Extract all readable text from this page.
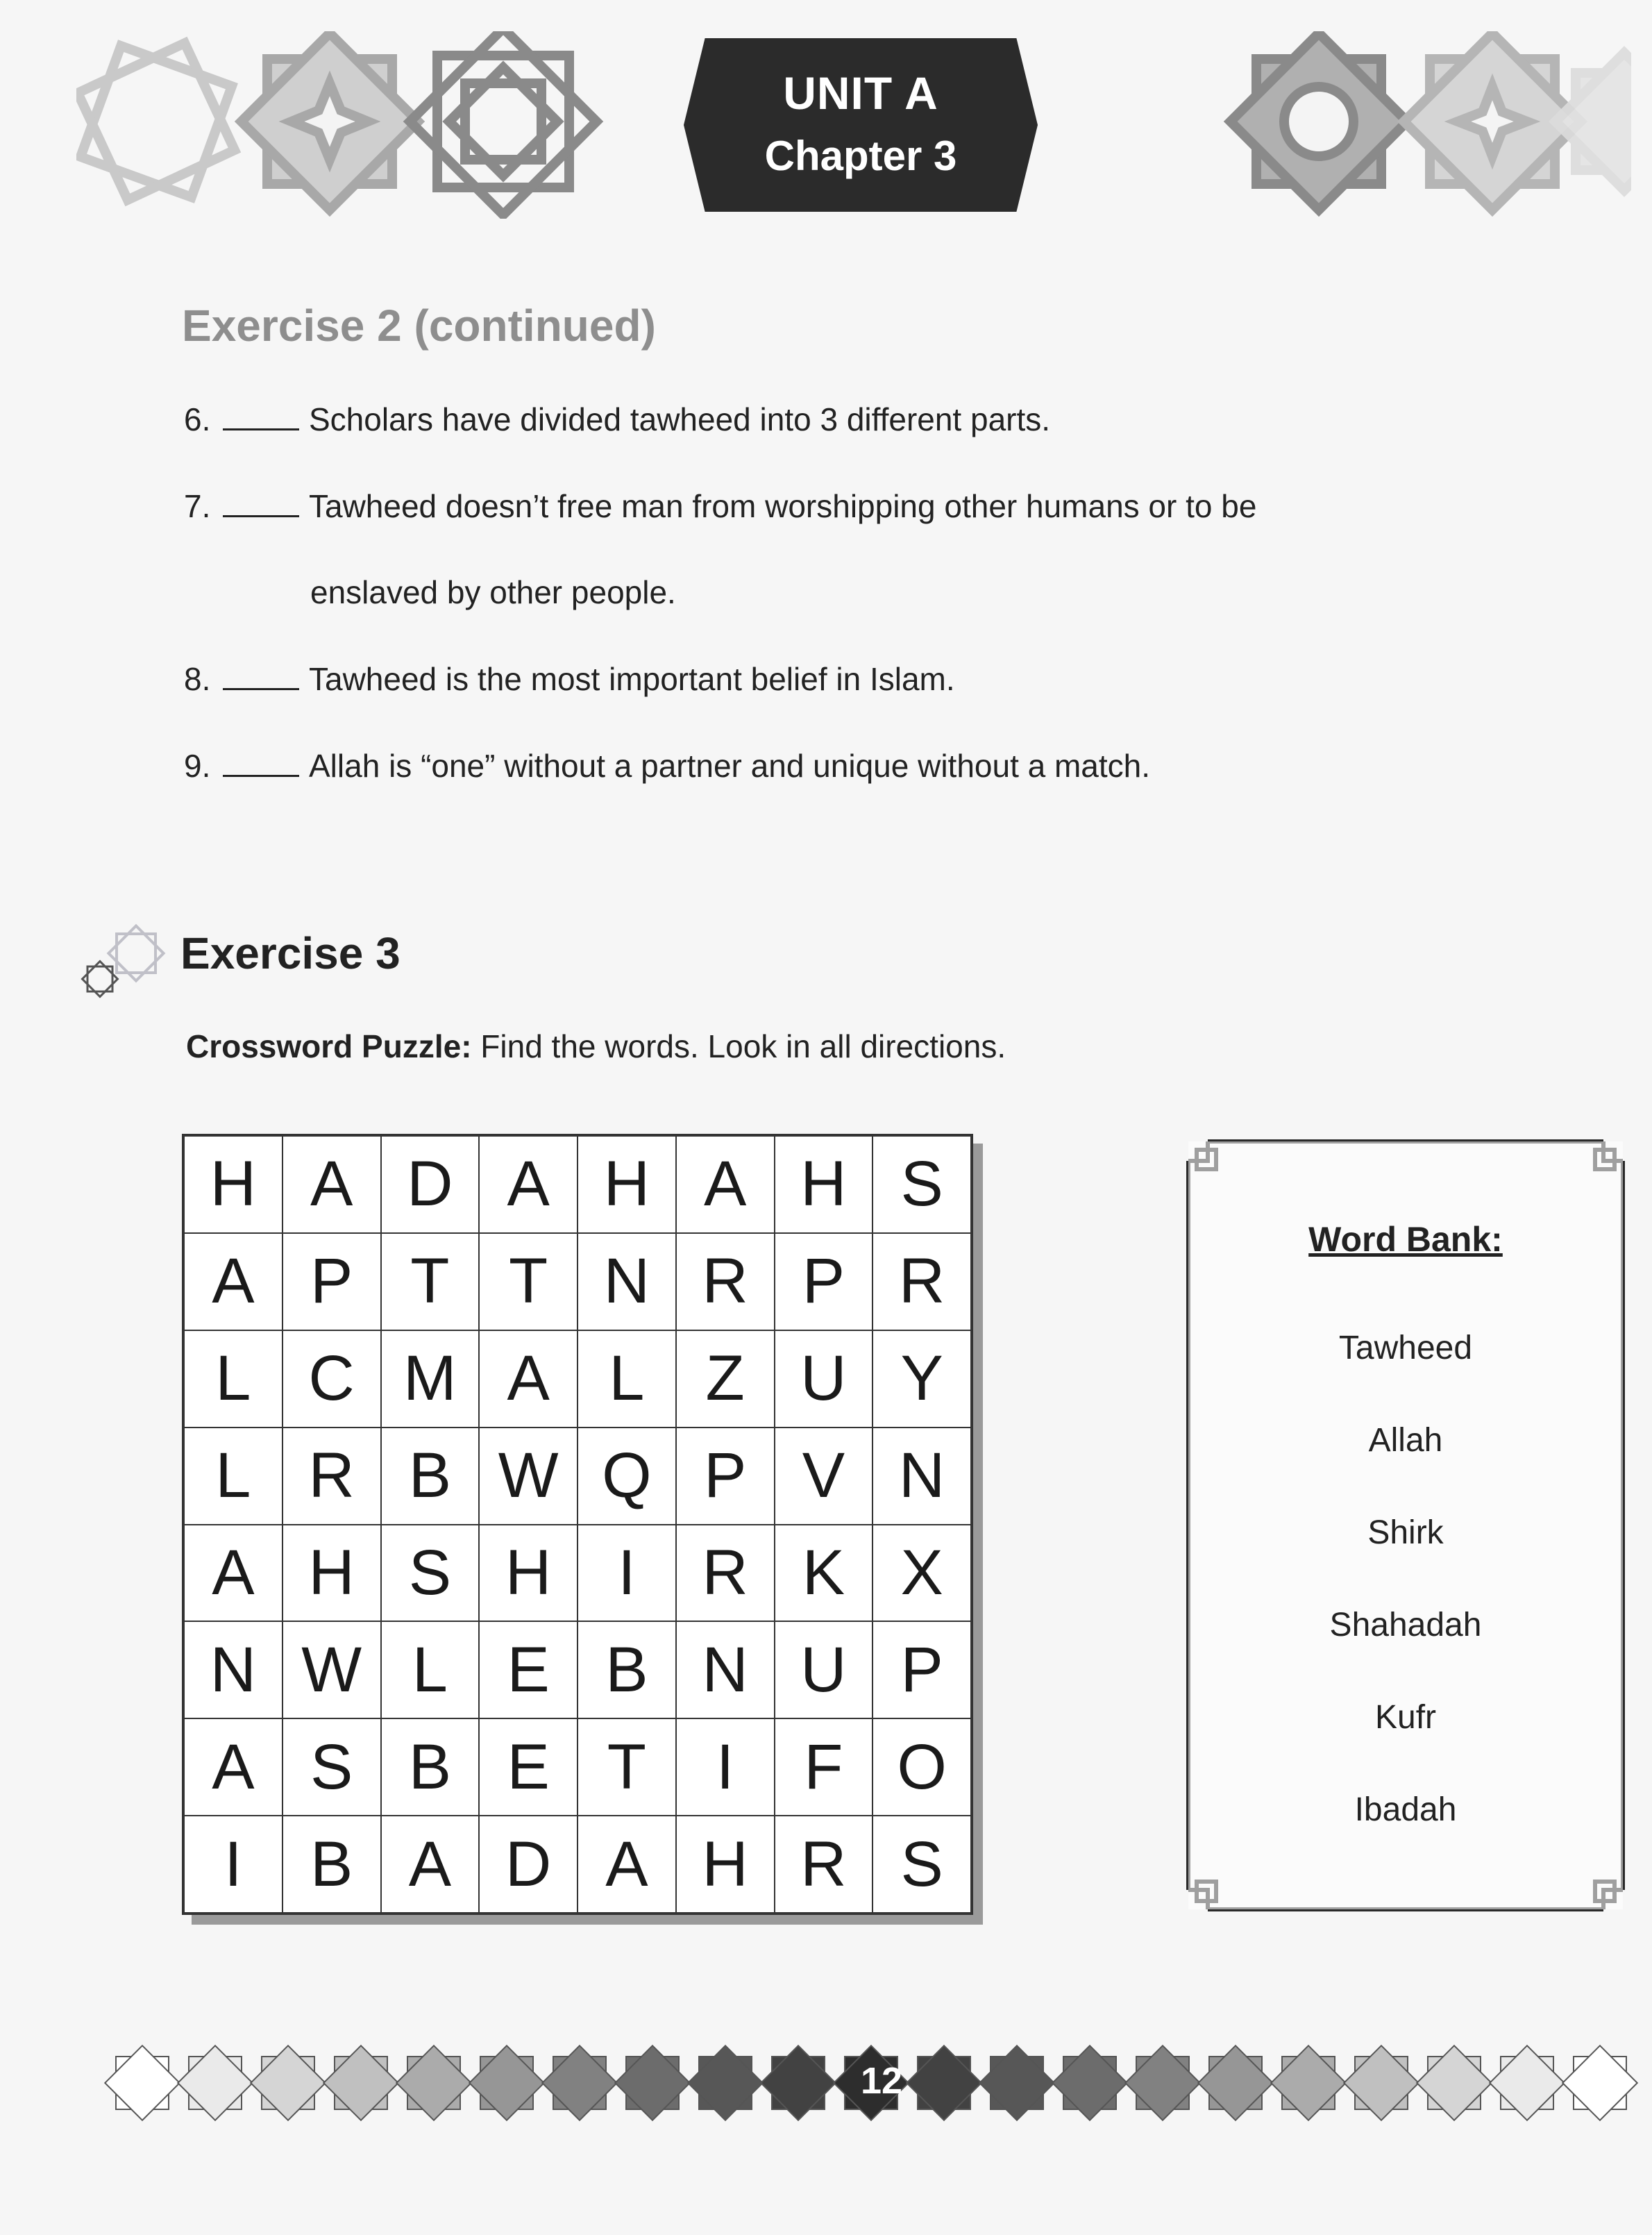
UNIT A
Chapter 3
Exercise 2 (continued)
6.	Scholars have divided tawheed into 3 different parts.
7.	Tawheed doesn’t free man from worshipping other humans or to be
enslaved by other people.
8.	Tawheed is the most important belief in Islam.
9.	Allah is “one” without a partner and unique without a match.
Exercise 3
Crossword Puzzle: Find the words. Look in all directions.
H A D A H A H S
A P T T N R P R
L C M A L Z U Y
L R B W Q P V N
A H S H	I	R K X
N W L E B N U P
A S B E T	I	F O
I	B A D A H R S
Word Bank:
Tawheed
Allah
Shirk
Shahadah
Kufr
Ibadah
12
